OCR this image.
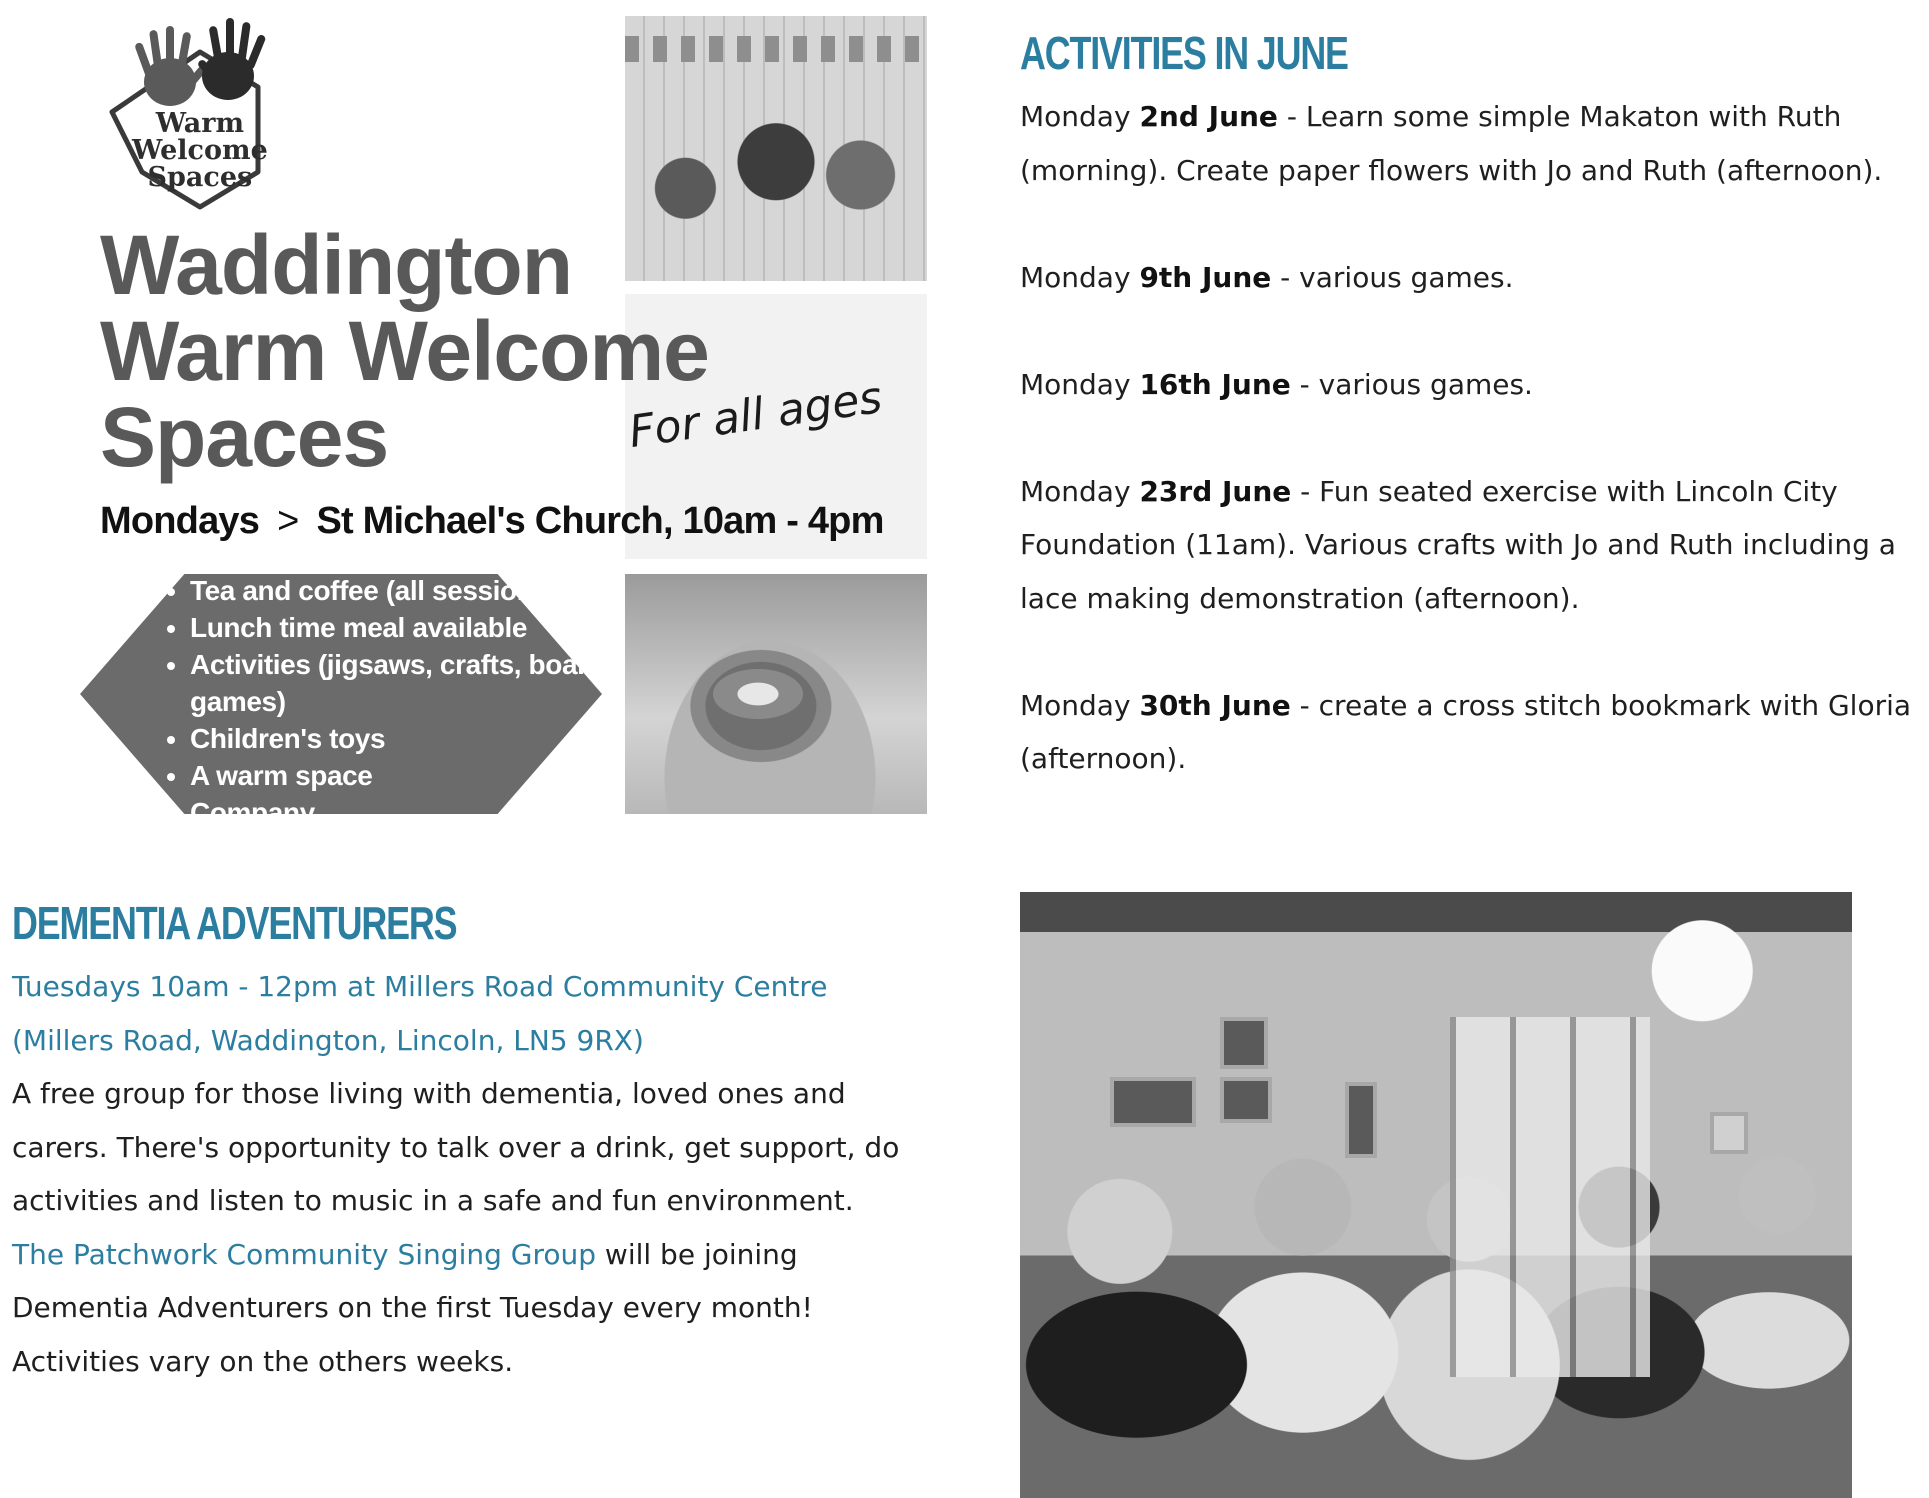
Warm
Welcome
Spaces
Waddington
Warm Welcome
Spaces	For all ages
Mondays > St Michael's Church, 10am - 4pm
• Tea and coffee (all session)
• Lunch time meal available
• Activities (jigsaws, crafts, board games)
• Children's toys
• A warm space
• Company
ACTIVITIES IN JUNE

Monday 2nd June - Learn some simple Makaton with Ruth (morning). Create paper flowers with Jo and Ruth (afternoon).

Monday 9th June - various games.

Monday 16th June - various games.

Monday 23rd June - Fun seated exercise with Lincoln City Foundation (11am). Various crafts with Jo and Ruth including a lace making demonstration (afternoon).

Monday 30th June - create a cross stitch bookmark with Gloria (afternoon).

DEMENTIA ADVENTURERS

Tuesdays 10am - 12pm at Millers Road Community Centre (Millers Road, Waddington, Lincoln, LN5 9RX)

A free group for those living with dementia, loved ones and carers. There's opportunity to talk over a drink, get support, do activities and listen to music in a safe and fun environment.

The Patchwork Community Singing Group will be joining Dementia Adventurers on the first Tuesday every month!

Activities vary on the others weeks.
